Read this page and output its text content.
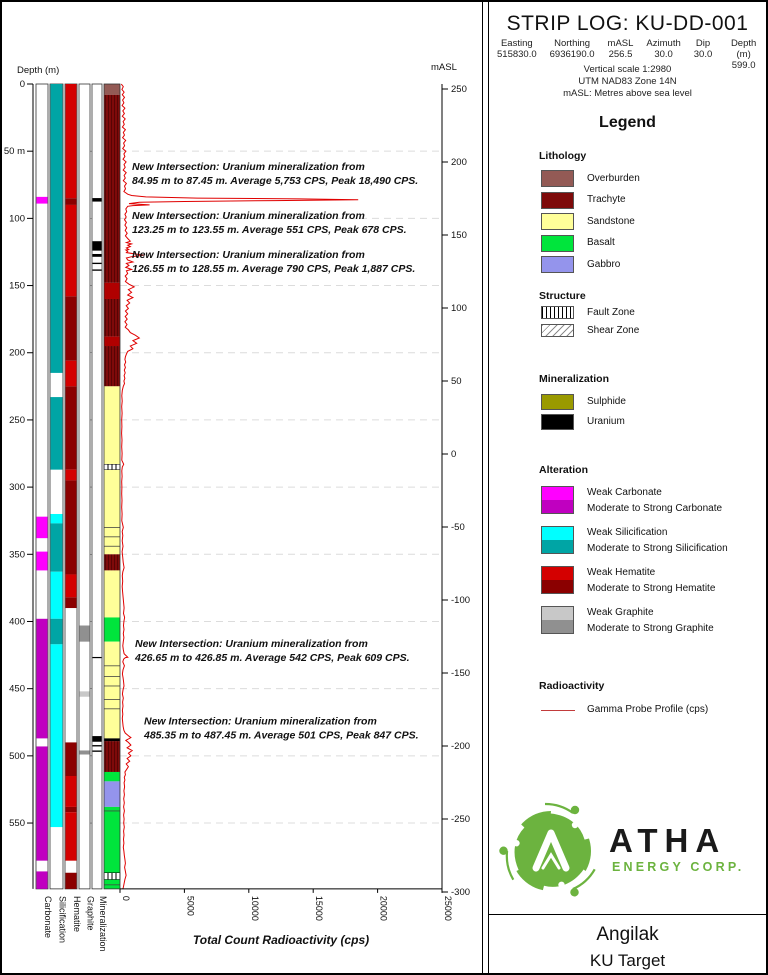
0
50 m
100
150
200
250
300
350
400
450
500
550
Depth (m)
250
200
150
100
50
0
-50
-100
-150
-200
-250
-300
mASL
0	5000	10000	15000	20000	25000
Total Count Radioactivity (cps)
Carbonate Silicification Hematite Graphite Mineralization
New Intersection: Uranium mineralization from
84.95 m to 87.45 m. Average 5,753 CPS, Peak 18,490 CPS.
New Intersection: Uranium mineralization from
123.25 m to 123.55 m. Average 551 CPS, Peak 678 CPS.
New Intersection: Uranium mineralization from
126.55 m to 128.55 m. Average 790 CPS, Peak 1,887 CPS.
New Intersection: Uranium mineralization from
426.65 m to 426.85 m. Average 542 CPS, Peak 609 CPS.
New Intersection: Uranium mineralization from
485.35 m to 487.45 m. Average 501 CPS, Peak 847 CPS.
STRIP LOG: KU-DD-001
Easting
515830.0
Northing
6936190.0
mASL
256.5
Azimuth
30.0
Dip
30.0
Depth (m)
599.0
Vertical scale 1:2980
UTM NAD83 Zone 14N
mASL: Metres above sea level
Legend
Lithology
Overburden
Trachyte
Sandstone
Basalt
Gabbro
Structure
Fault Zone
Shear Zone
Mineralization
Sulphide
Uranium
Alteration
Weak Carbonate
Moderate to Strong Carbonate
Weak Silicification
Moderate to Strong Silicification
Weak Hematite
Moderate to Strong Hematite
Weak Graphite
Moderate to Strong Graphite
Radioactivity
Gamma Probe Profile (cps)
ATHA
ENERGY CORP.
Angilak
KU Target
